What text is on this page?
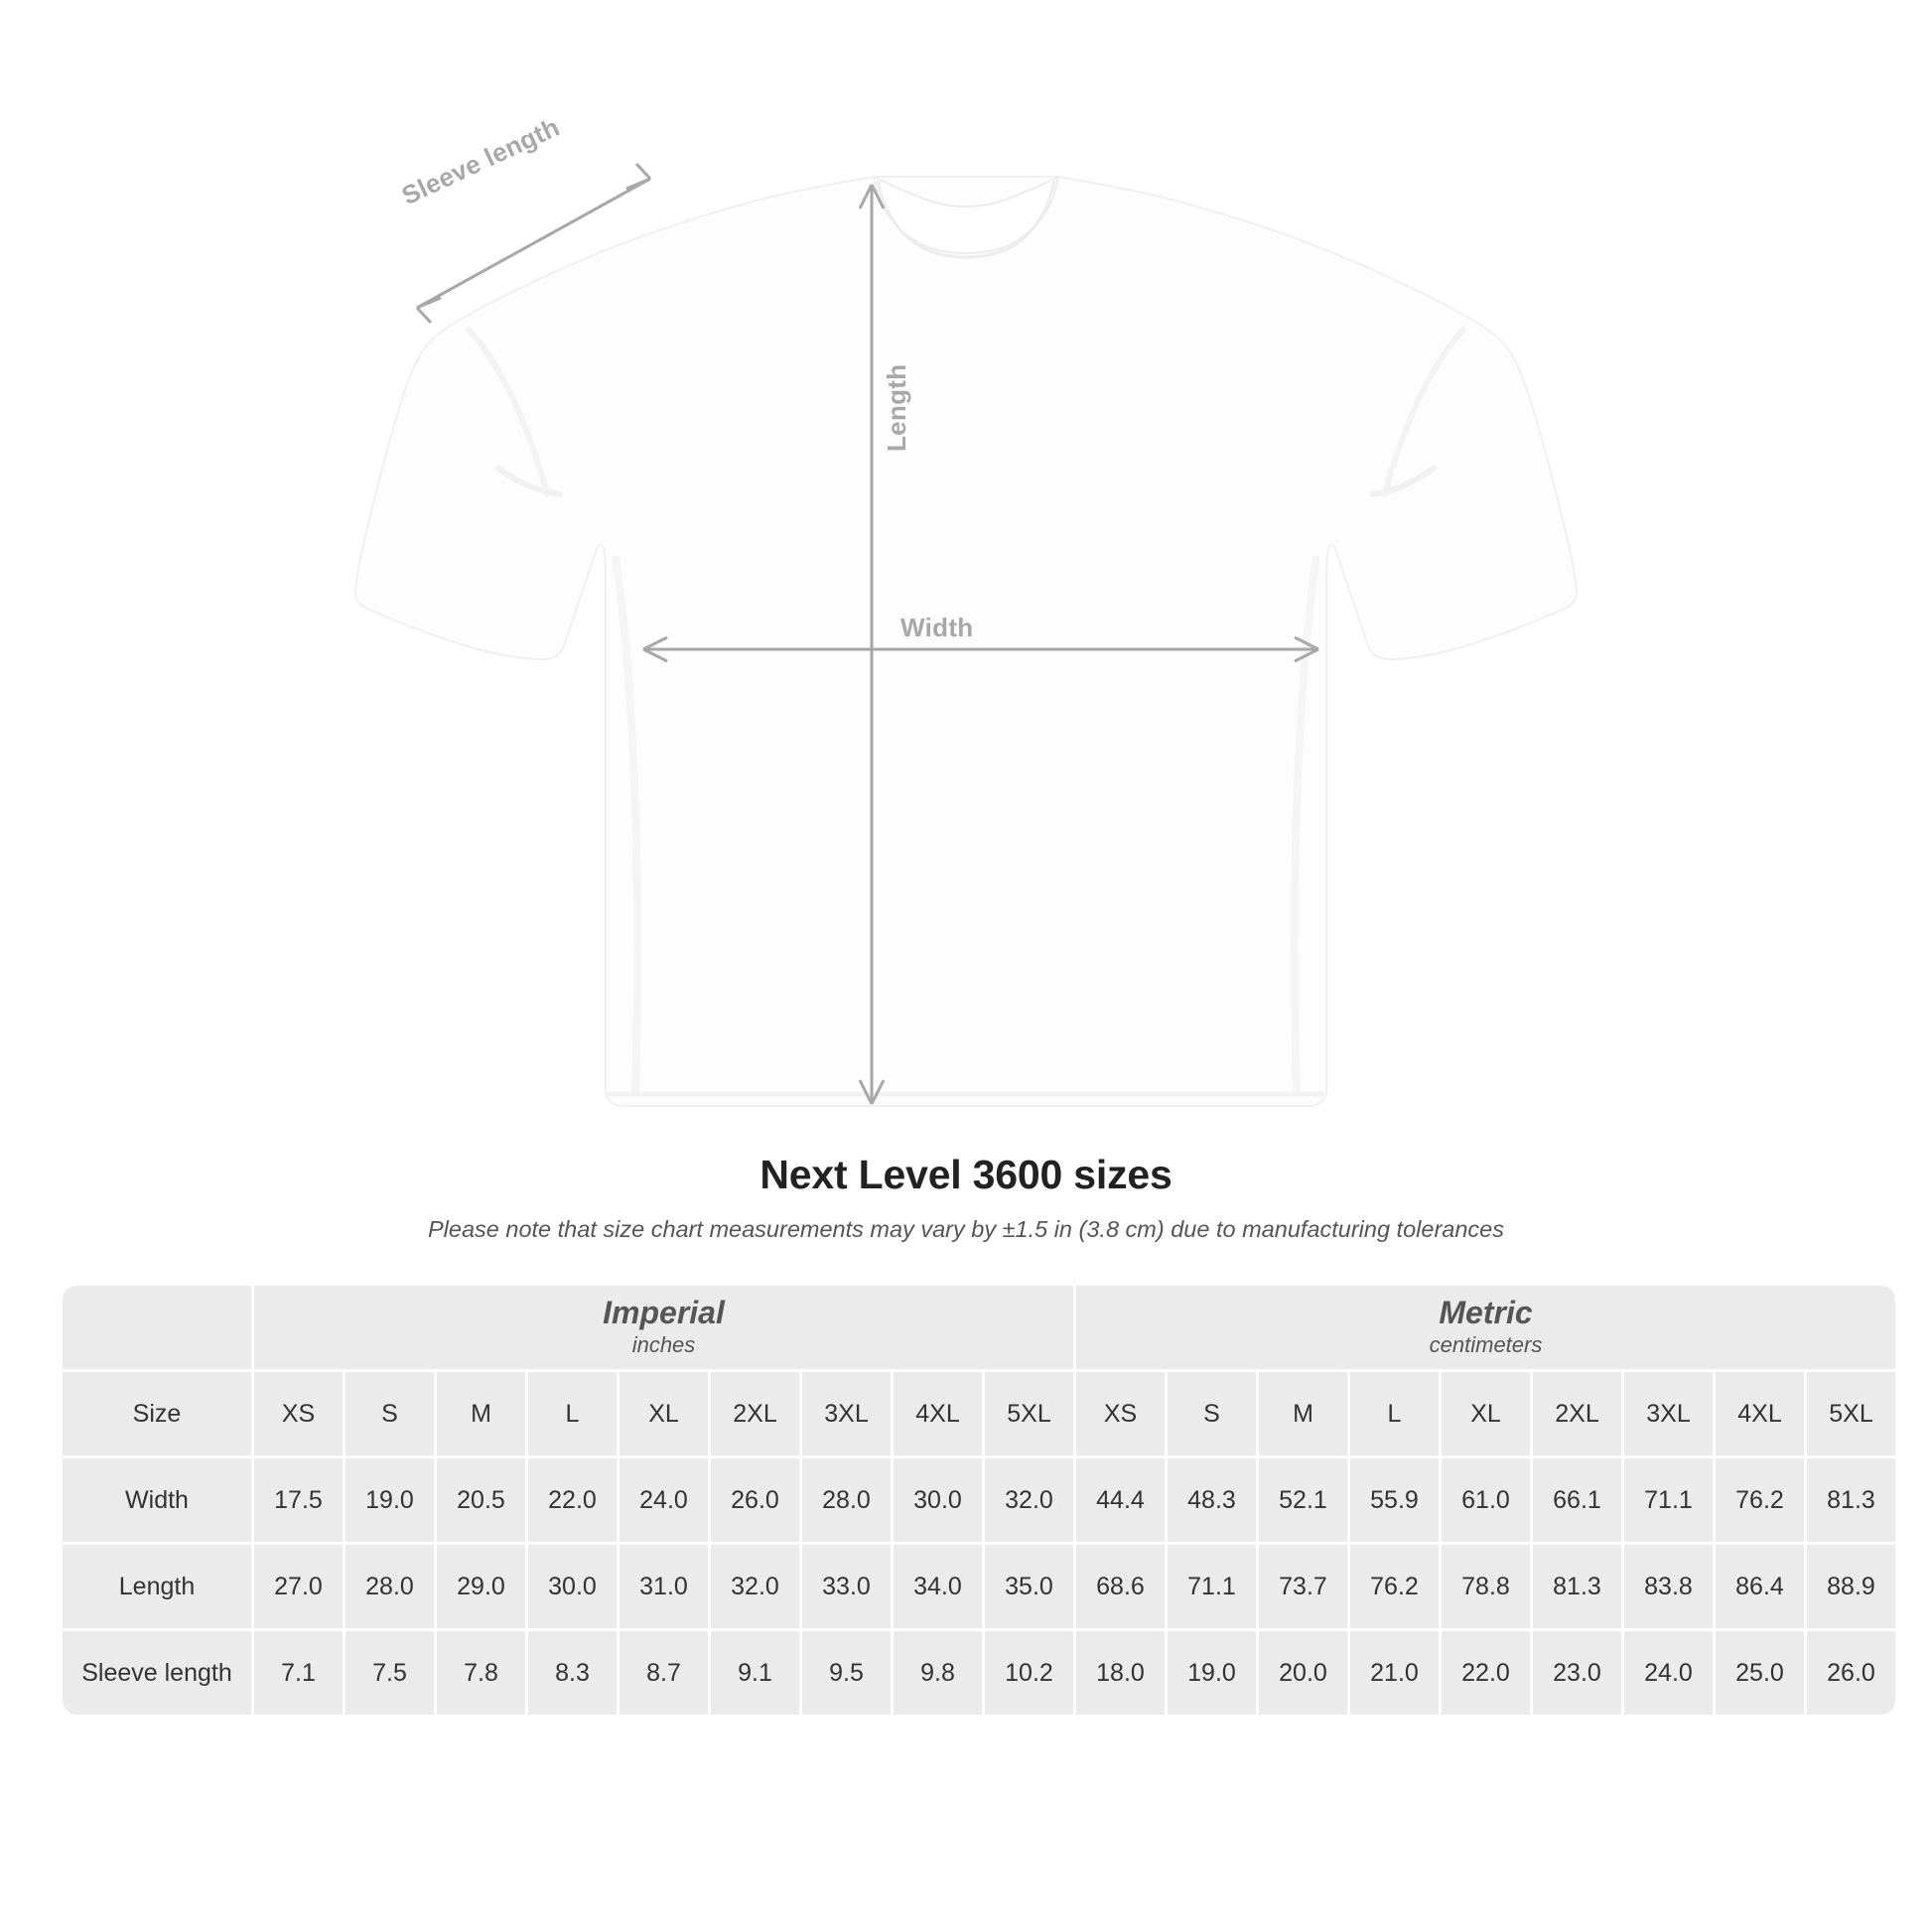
Sleeve length
Length
Width
Next Level 3600 sizes
Please note that size chart measurements may vary by ±1.5 in (3.8 cm) due to manufacturing tolerances

	Imperial
inches									Metric
centimeters								

Size	XS	S	M	L	XL	2XL	3XL	4XL	5XL	XS	S	M	L	XL	2XL	3XL	4XL	5XL
Width	17.5	19.0	20.5	22.0	24.0	26.0	28.0	30.0	32.0	44.4	48.3	52.1	55.9	61.0	66.1	71.1	76.2	81.3
Length	27.0	28.0	29.0	30.0	31.0	32.0	33.0	34.0	35.0	68.6	71.1	73.7	76.2	78.8	81.3	83.8	86.4	88.9
Sleeve length	7.1	7.5	7.8	8.3	8.7	9.1	9.5	9.8	10.2	18.0	19.0	20.0	21.0	22.0	23.0	24.0	25.0	26.0
